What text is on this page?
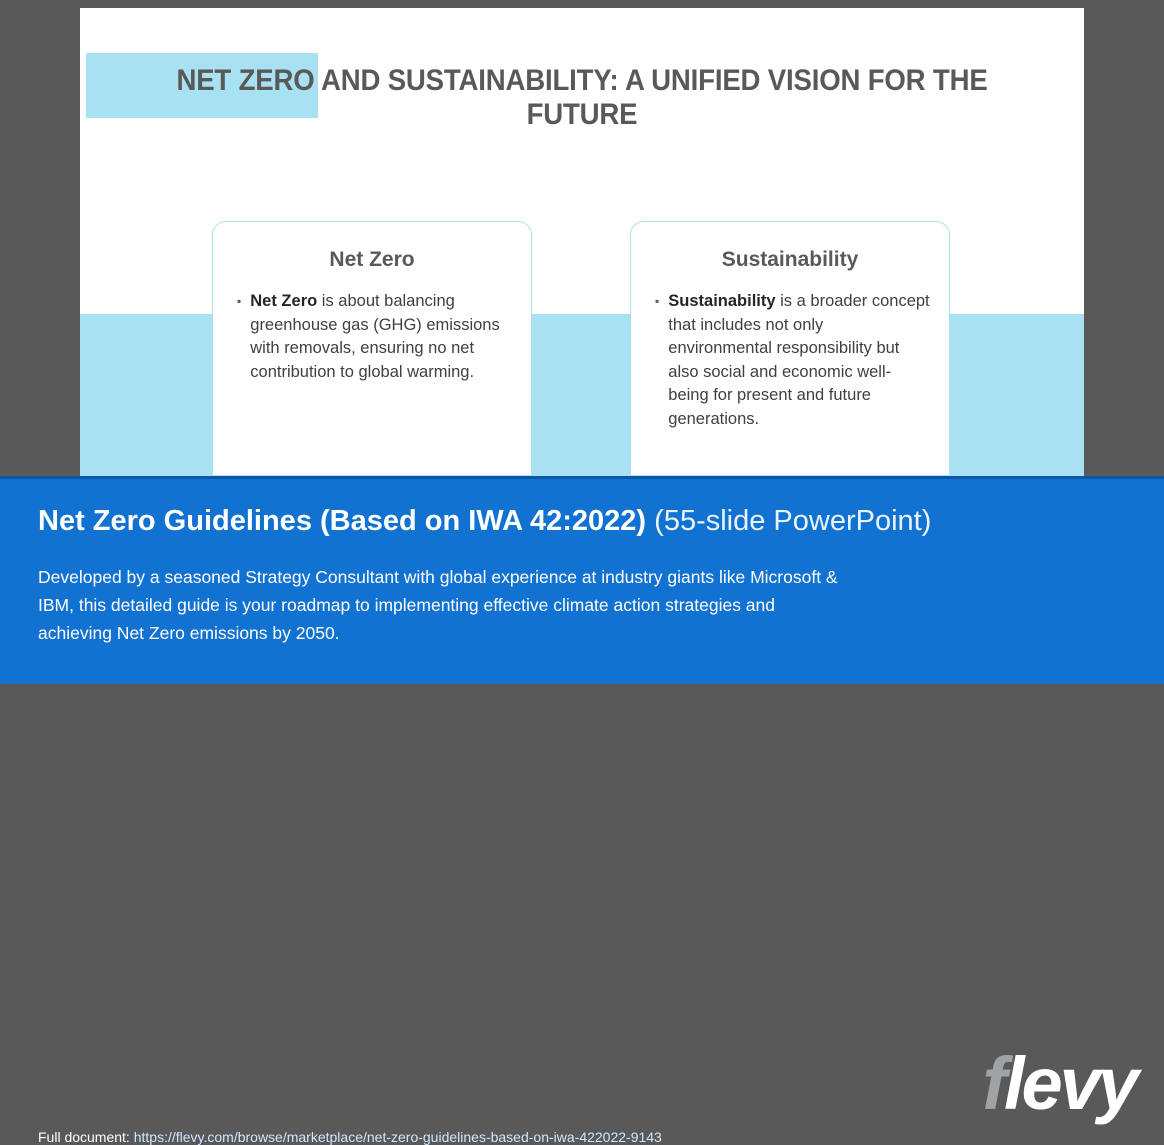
NET ZERO AND SUSTAINABILITY: A UNIFIED VISION FOR THE FUTURE
Net Zero
▪ Net Zero is about balancing greenhouse gas (GHG) emissions with removals, ensuring no net contribution to global warming.
Sustainability
▪ Sustainability is a broader concept that includes not only environmental responsibility but also social and economic well-being for present and future generations.
Net Zero Guidelines (Based on IWA 42:2022) (55-slide PowerPoint)
Developed by a seasoned Strategy Consultant with global experience at industry giants like Microsoft & IBM, this detailed guide is your roadmap to implementing effective climate action strategies and achieving Net Zero emissions by 2050.
Full document: https://flevy.com/browse/marketplace/net-zero-guidelines-based-on-iwa-422022-9143
flevy
